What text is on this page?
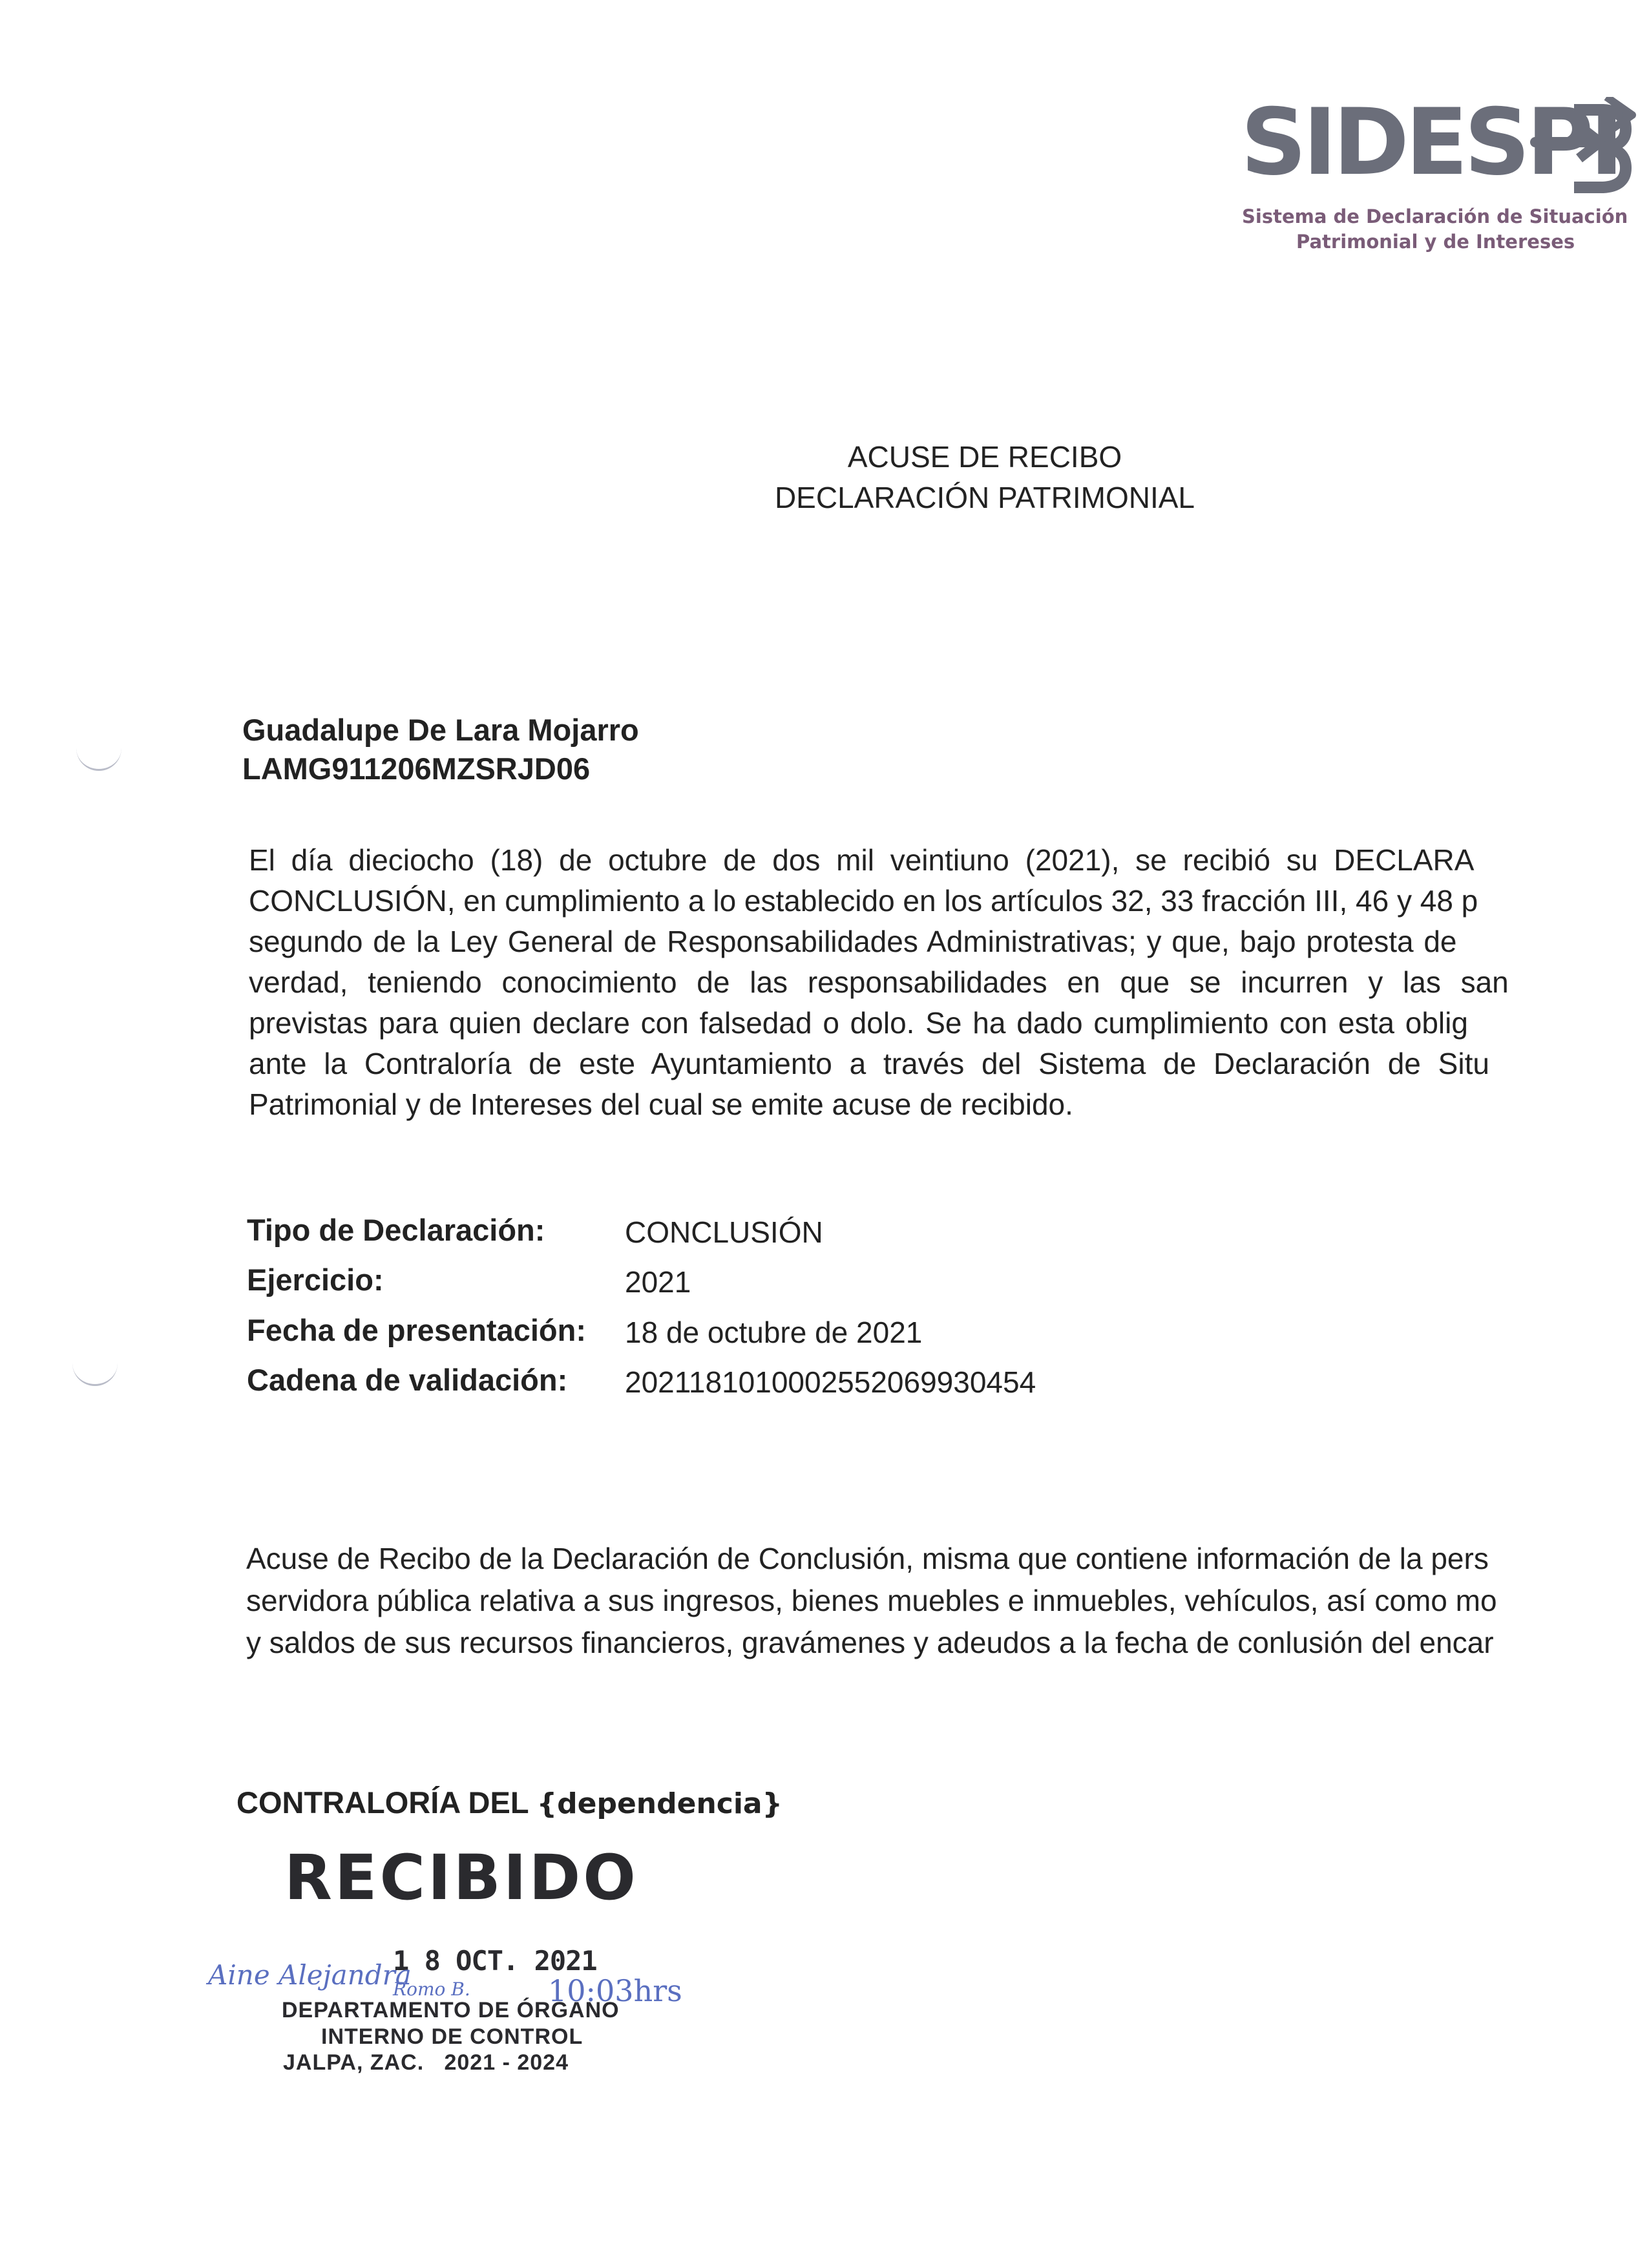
SIDESPI
Sistema de Declaración de Situación
Patrimonial y de Intereses
ACUSE DE RECIBO
DECLARACIÓN PATRIMONIAL
Guadalupe De Lara Mojarro
LAMG911206MZSRJD06
El día dieciocho (18) de octubre de dos mil veintiuno (2021), se recibió su DECLARA
CONCLUSIÓN, en cumplimiento a lo establecido en los artículos 32, 33 fracción III, 46 y 48 p
segundo de la Ley General de Responsabilidades Administrativas; y que, bajo protesta de
verdad, teniendo conocimiento de las responsabilidades en que se incurren y las san
previstas para quien declare con falsedad o dolo. Se ha dado cumplimiento con esta oblig
ante la Contraloría de este Ayuntamiento a través del Sistema de Declaración de Situ
Patrimonial y de Intereses del cual se emite acuse de recibido.
Tipo de Declaración:	CONCLUSIÓN
Ejercicio:	2021
Fecha de presentación: 18 de octubre de 2021
Cadena de validación: 2021181010002552069930454
Acuse de Recibo de la Declaración de Conclusión, misma que contiene información de la pers
servidora pública relativa a sus ingresos, bienes muebles e inmuebles, vehículos, así como mo
y saldos de sus recursos financieros, gravámenes y adeudos a la fecha de conlusión del encar
CONTRALORÍA DEL {dependencia}
RECIBIDO
1 8 OCT. 2021
DEPARTAMENTO DE ÓRGANO
INTERNO DE CONTROL
JALPA, ZAC.   2021 - 2024
Aine Alejandra
Romo B.	10:03hrs
